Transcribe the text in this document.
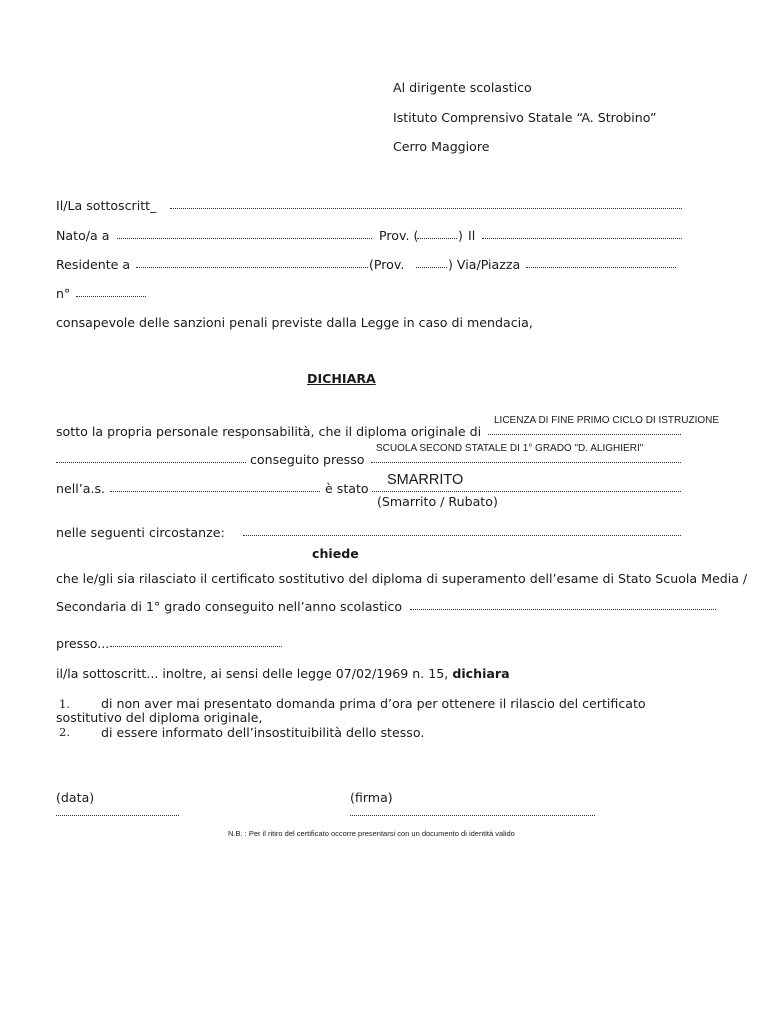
Al dirigente scolastico
Istituto Comprensivo Statale “A. Strobino”
Cerro Maggiore
Il/La sottoscritt_
Nato/a a	Prov. (	) Il
Residente a	(Prov.	) Via/Piazza
n°
consapevole delle sanzioni penali previste dalla Legge in caso di mendacia,
DICHIARA
LICENZA DI FINE PRIMO CICLO DI ISTRUZIONE
sotto la propria personale responsabilità, che il diploma originale di
SCUOLA SECOND STATALE DI 1° GRADO "D. ALIGHIERI"
conseguito presso
nell’a.s.	è stato
SMARRITO
(Smarrito / Rubato)
nelle seguenti circostanze:
chiede
che le/gli sia rilasciato il certificato sostitutivo del diploma di superamento dell’esame di Stato Scuola Media /
Secondaria di 1° grado conseguito nell’anno scolastico
presso...
il/la sottoscritt... inoltre, ai sensi delle legge 07/02/1969 n. 15, dichiara
1. di non aver mai presentato domanda prima d’ora per ottenere il rilascio del certificato
sostitutivo del diploma originale,
2. di essere informato dell’insostituibilità dello stesso.
(data)	(firma)
N.B. : Per il ritiro del certificato occorre presentarsi con un documento di identità valido
